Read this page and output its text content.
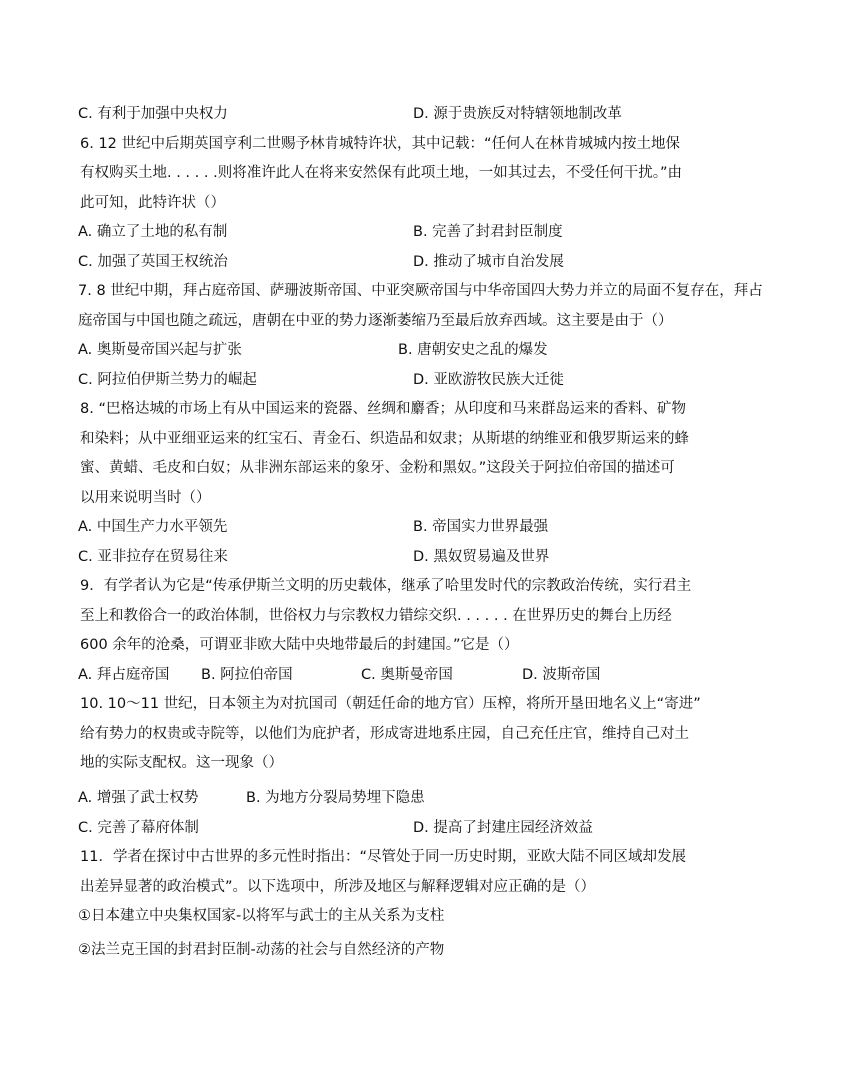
C. 有利于加强中央权力	D. 源于贵族反对特辖领地制改革
6. 12 世纪中后期英国亨利二世赐予林肯城特许状，其中记载：“任何人在林肯城城内按土地保
有权购买土地. . . . . .则将准许此人在将来安然保有此项土地，一如其过去，不受任何干扰。”由
此可知，此特许状（）
A. 确立了土地的私有制	B. 完善了封君封臣制度
C. 加强了英国王权统治	D. 推动了城市自治发展
7. 8 世纪中期，拜占庭帝国、萨珊波斯帝国、中亚突厥帝国与中华帝国四大势力并立的局面不复存在，拜占
庭帝国与中国也随之疏远，唐朝在中亚的势力逐渐萎缩乃至最后放弃西域。这主要是由于（）
A. 奥斯曼帝国兴起与扩张	B. 唐朝安史之乱的爆发
C. 阿拉伯伊斯兰势力的崛起	D. 亚欧游牧民族大迁徙
8. “巴格达城的市场上有从中国运来的瓷器、丝绸和麝香；从印度和马来群岛运来的香料、矿物
和染料；从中亚细亚运来的红宝石、青金石、织造品和奴隶；从斯堪的纳维亚和俄罗斯运来的蜂
蜜、黄蜡、毛皮和白奴；从非洲东部运来的象牙、金粉和黑奴。”这段关于阿拉伯帝国的描述可
以用来说明当时（）
A. 中国生产力水平领先	B. 帝国实力世界最强
C. 亚非拉存在贸易往来	D. 黑奴贸易遍及世界
9．有学者认为它是“传承伊斯兰文明的历史载体，继承了哈里发时代的宗教政治传统，实行君主
至上和教俗合一的政治体制，世俗权力与宗教权力错综交织. . . . . . 在世界历史的舞台上历经
600 余年的沧桑，可谓亚非欧大陆中央地带最后的封建国。”它是（）
A. 拜占庭帝国 B. 阿拉伯帝国	C. 奥斯曼帝国	D. 波斯帝国
10. 10～11 世纪，日本领主为对抗国司（朝廷任命的地方官）压榨，将所开垦田地名义上“寄进”
给有势力的权贵或寺院等，以他们为庇护者，形成寄进地系庄园，自己充任庄官，维持自己对土
地的实际支配权。这一现象（）
A. 增强了武士权势	B. 为地方分裂局势埋下隐患
C. 完善了幕府体制	D. 提高了封建庄园经济效益
11．学者在探讨中古世界的多元性时指出：“尽管处于同一历史时期，亚欧大陆不同区域却发展
出差异显著的政治模式”。以下选项中，所涉及地区与解释逻辑对应正确的是（）
①日本建立中央集权国家-以将军与武士的主从关系为支柱
②法兰克王国的封君封臣制-动荡的社会与自然经济的产物
